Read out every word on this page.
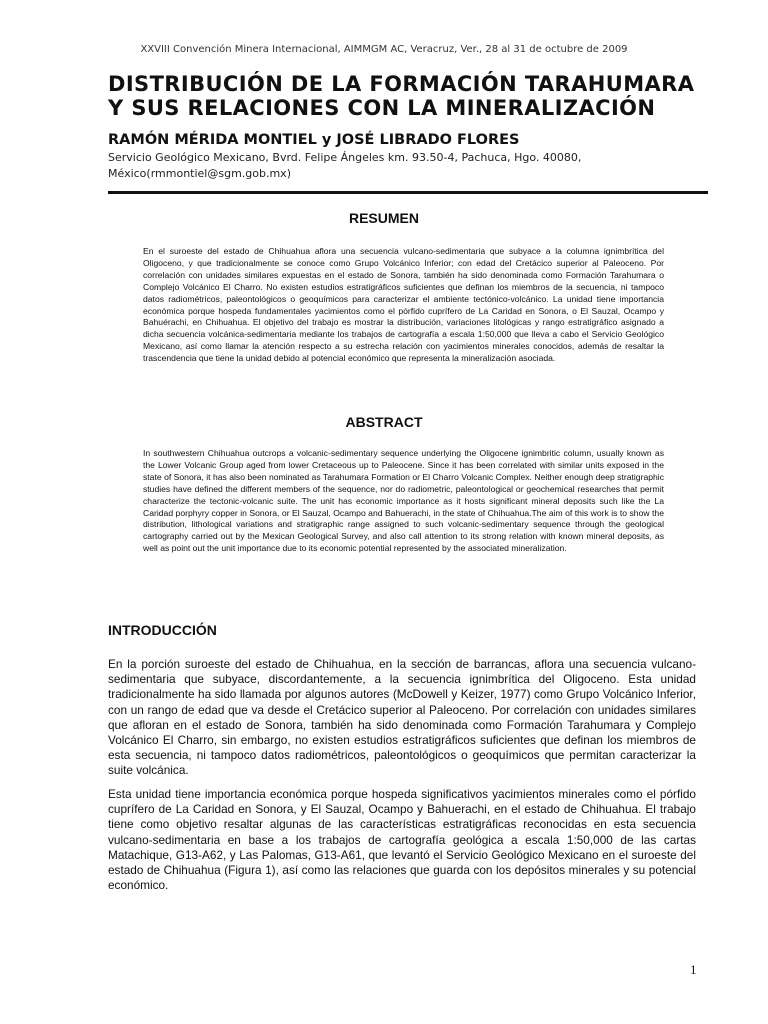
XXVIII Convención Minera Internacional, AIMMGM AC, Veracruz, Ver., 28 al 31 de octubre de 2009
DISTRIBUCIÓN DE LA FORMACIÓN TARAHUMARA Y SUS RELACIONES CON LA MINERALIZACIÓN
RAMÓN MÉRIDA MONTIEL y JOSÉ LIBRADO FLORES
Servicio Geológico Mexicano, Bvrd. Felipe Ángeles km. 93.50-4, Pachuca, Hgo. 40080, México(rmmontiel@sgm.gob.mx)
RESUMEN

En el suroeste del estado de Chihuahua aflora una secuencia vulcano-sedimentaria que subyace a la columna ignimbrítica del Oligoceno, y que tradicionalmente se conoce como Grupo Volcánico Inferior; con edad del Cretácico superior al Paleoceno. Por correlación con unidades similares expuestas en el estado de Sonora, también ha sido denominada como Formación Tarahumara o Complejo Volcánico El Charro. No existen estudios estratigráficos suficientes que definan los miembros de la secuencia, ni tampoco datos radiométricos, paleontológicos o geoquímicos para caracterizar el ambiente tectónico-volcánico. La unidad tiene importancia económica porque hospeda fundamentales yacimientos como el pórfido cuprífero de La Caridad en Sonora, o El Sauzal, Ocampo y Bahuérachi, en Chihuahua. El objetivo del trabajo es mostrar la distribución, variaciones litológicas y rango estratigráfico asignado a dicha secuencia volcánica-sedimentaria mediante los trabajos de cartografía a escala 1:50,000 que lleva a cabo el Servicio Geológico Mexicano, así como llamar la atención respecto a su estrecha relación con yacimientos minerales conocidos, además de resaltar la trascendencia que tiene la unidad debido al potencial económico que representa la mineralización asociada.

ABSTRACT

In southwestern Chihuahua outcrops a volcanic-sedimentary sequence underlying the Oligocene ignimbritic column, usually known as the Lower Volcanic Group aged from lower Cretaceous up to Paleocene. Since it has been correlated with similar units exposed in the state of Sonora, it has also been nominated as Tarahumara Formation or El Charro Volcanic Complex. Neither enough deep stratigraphic studies have defined the different members of the sequence, nor do radiometric, paleontological or geochemical researches that permit characterize the tectonic-volcanic suite. The unit has economic importance as it hosts significant mineral deposits such like the La Caridad porphyry copper in Sonora, or El Sauzal, Ocampo and Bahuerachi, in the state of Chihuahua.The aim of this work is to show the distribution, lithological variations and stratigraphic range assigned to such volcanic-sedimentary sequence through the geological cartography carried out by the Mexican Geological Survey, and also call attention to its strong relation with known mineral deposits, as well as point out the unit importance due to its economic potential represented by the associated mineralization.

INTRODUCCIÓN

En la porción suroeste del estado de Chihuahua, en la sección de barrancas, aflora una secuencia vulcano-sedimentaria que subyace, discordantemente, a la secuencia ignimbrítica del Oligoceno. Esta unidad tradicionalmente ha sido llamada por algunos autores (McDowell y Keizer, 1977) como Grupo Volcánico Inferior, con un rango de edad que va desde el Cretácico superior al Paleoceno. Por correlación con unidades similares que afloran en el estado de Sonora, también ha sido denominada como Formación Tarahumara y Complejo Volcánico El Charro, sin embargo, no existen estudios estratigráficos suficientes que definan los miembros de esta secuencia, ni tampoco datos radiométricos, paleontológicos o geoquímicos que permitan caracterizar la suite volcánica.

Esta unidad tiene importancia económica porque hospeda significativos yacimientos minerales como el pórfido cuprífero de La Caridad en Sonora, y El Sauzal, Ocampo y Bahuerachi, en el estado de Chihuahua. El trabajo tiene como objetivo resaltar algunas de las características estratigráficas reconocidas en esta secuencia vulcano-sedimentaria en base a los trabajos de cartografía geológica a escala 1:50,000 de las cartas Matachique, G13-A62, y Las Palomas, G13-A61, que levantó el Servicio Geológico Mexicano en el suroeste del estado de Chihuahua (Figura 1), así como las relaciones que guarda con los depósitos minerales y su potencial económico.

1
